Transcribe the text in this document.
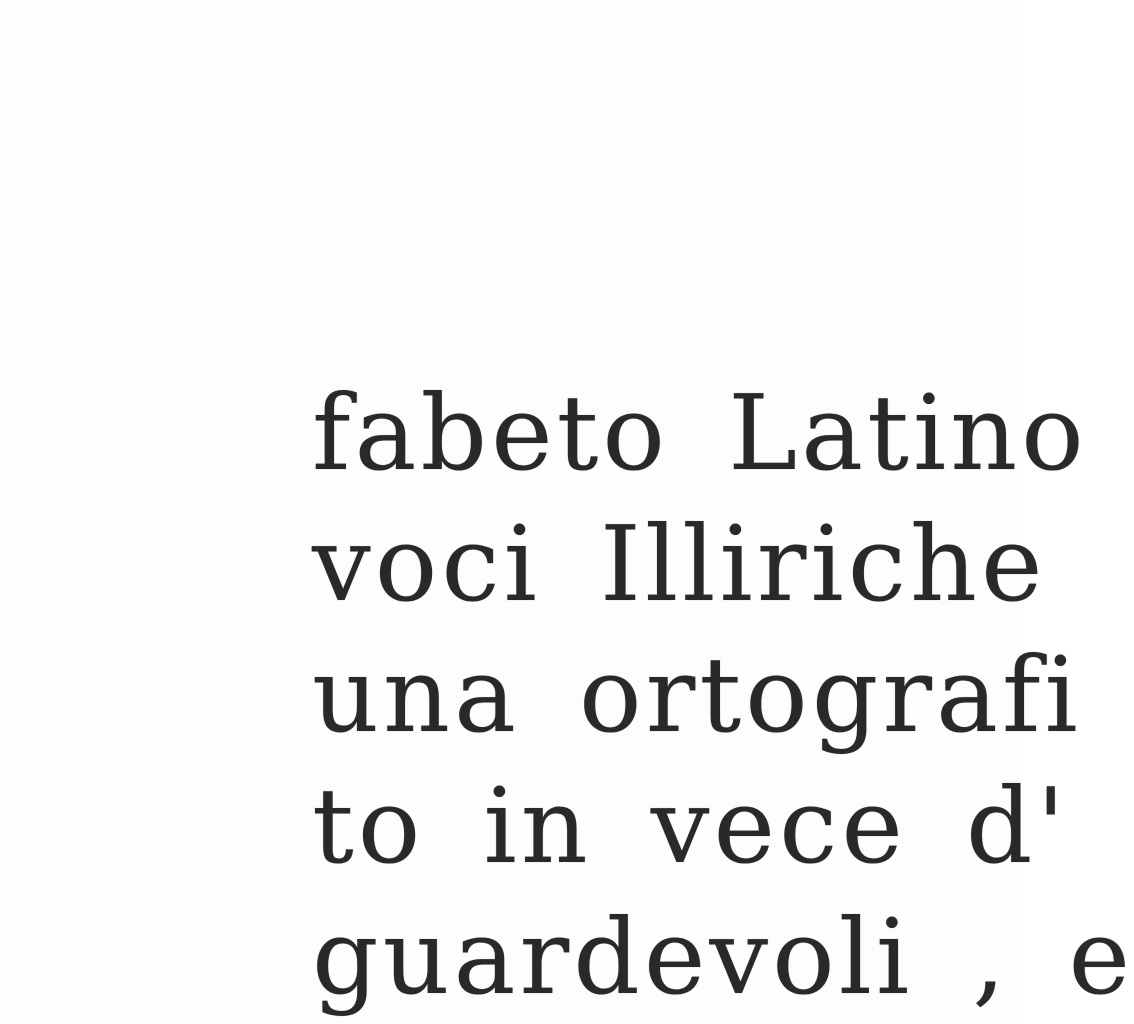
fabeto Latino
voci Illiriche
una ortografi
to in vece d'
guardevoli , e
